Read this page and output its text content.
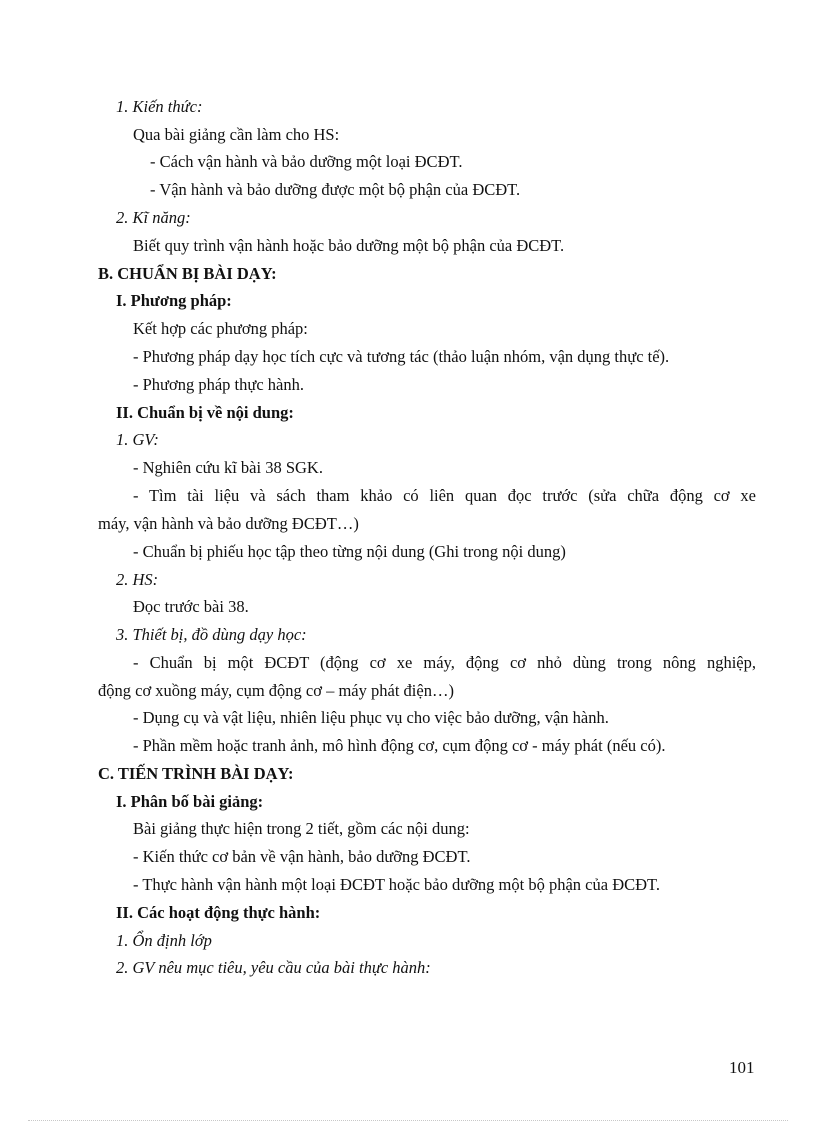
1. Kiến thức:
Qua bài giảng cần làm cho HS:
- Cách vận hành và bảo dưỡng một loại ĐCĐT.
- Vận hành và bảo dưỡng được một bộ phận của ĐCĐT.
2. Kĩ năng:
Biết quy trình vận hành hoặc bảo dưỡng một bộ phận của ĐCĐT.
B. CHUẨN BỊ BÀI DẠY:
I. Phương pháp:
Kết hợp các phương pháp:
- Phương pháp dạy học tích cực và tương tác (thảo luận nhóm, vận dụng thực tế).
- Phương pháp thực hành.
II. Chuẩn bị về nội dung:
1. GV:
- Nghiên cứu kĩ bài 38 SGK.
- Tìm tài liệu và sách tham khảo có liên quan đọc trước (sửa chữa động cơ xe
máy, vận hành và bảo dưỡng ĐCĐT…)
- Chuẩn bị phiếu học tập theo từng nội dung (Ghi trong nội dung)
2. HS:
Đọc trước bài 38.
3. Thiết bị, đồ dùng dạy học:
- Chuẩn bị một ĐCĐT (động cơ xe máy, động cơ nhỏ dùng trong nông nghiệp,
động cơ xuồng máy, cụm động cơ – máy phát điện…)
- Dụng cụ và vật liệu, nhiên liệu phục vụ cho việc bảo dưỡng, vận hành.
- Phần mềm hoặc tranh ảnh, mô hình động cơ, cụm động cơ - máy phát (nếu có).
C. TIẾN TRÌNH BÀI DẠY:
I. Phân bố bài giảng:
Bài giảng thực hiện trong 2 tiết, gồm các nội dung:
- Kiến thức cơ bản về vận hành, bảo dưỡng ĐCĐT.
- Thực hành vận hành một loại ĐCĐT hoặc bảo dưỡng một bộ phận của ĐCĐT.
II. Các hoạt động thực hành:
1. Ổn định lớp
2. GV nêu mục tiêu, yêu cầu của bài thực hành:
101
